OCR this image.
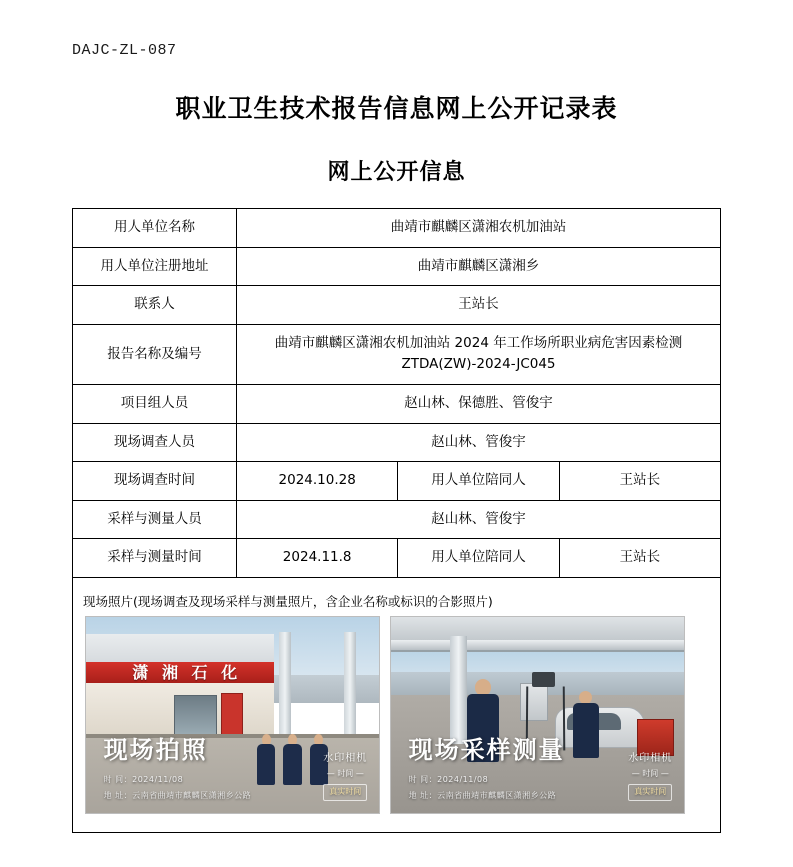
DAJC-ZL-087
职业卫生技术报告信息网上公开记录表
网上公开信息
用人单位名称	曲靖市麒麟区潇湘农机加油站		
用人单位注册地址	曲靖市麒麟区潇湘乡		
联系人	王站长		
报告名称及编号	曲靖市麒麟区潇湘农机加油站 2024 年工作场所职业病危害因素检测
ZTDA(ZW)-2024-JC045		

项目组人员	赵山林、保德胜、管俊宇		
现场调查人员	赵山林、管俊宇		
现场调查时间	2024.10.28	用人单位陪同人	王站长
采样与测量人员	赵山林、管俊宇		
采样与测量时间	2024.11.8	用人单位陪同人	王站长

现场照片(现场调查及现场采样与测量照片，含企业名称或标识的合影照片)
潇 湘 石 化
现场拍照
时 间：2024/11/08
地 址：云南省曲靖市麒麟区潇湘乡公路
水印相机
— 时间 —
真实时间
现场采样测量
时 间：2024/11/08
地 址：云南省曲靖市麒麟区潇湘乡公路
水印相机
— 时间 —
真实时间
